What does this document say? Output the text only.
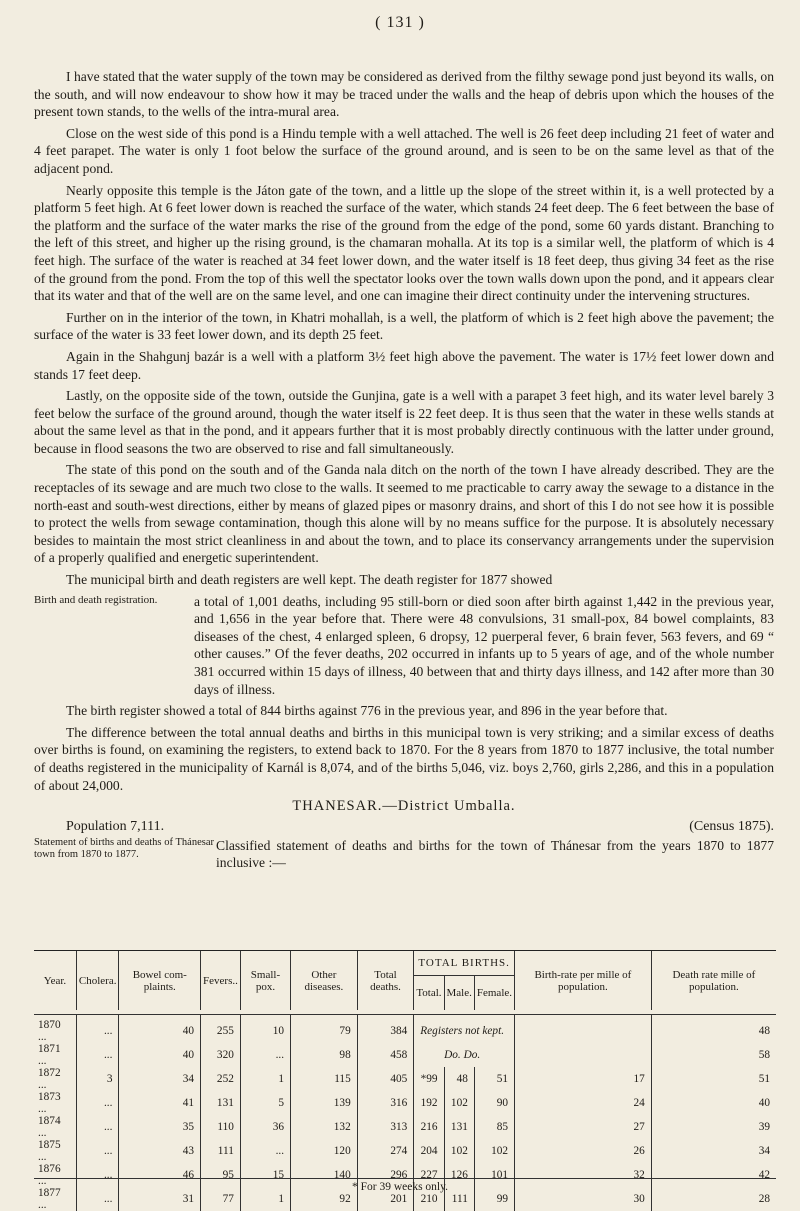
( 131 )

I have stated that the water supply of the town may be considered as derived from the filthy sewage pond just beyond its walls, on the south, and will now endeavour to show how it may be traced under the walls and the heap of debris upon which the houses of the present town stands, to the wells of the intra-mural area.

Close on the west side of this pond is a Hindu temple with a well attached. The well is 26 feet deep including 21 feet of water and 4 feet parapet. The water is only 1 foot below the surface of the ground around, and is seen to be on the same level as that of the adjacent pond.

Nearly opposite this temple is the Játon gate of the town, and a little up the slope of the street within it, is a well protected by a platform 5 feet high. At 6 feet lower down is reached the surface of the water, which stands 24 feet deep. The 6 feet between the base of the platform and the surface of the water marks the rise of the ground from the edge of the pond, some 60 yards distant. Branching to the left of this street, and higher up the rising ground, is the chamaran mohalla. At its top is a similar well, the platform of which is 4 feet high. The surface of the water is reached at 34 feet lower down, and the water itself is 18 feet deep, thus giving 34 feet as the rise of the ground from the pond. From the top of this well the spectator looks over the town walls down upon the pond, and it appears clear that its water and that of the well are on the same level, and one can imagine their direct continuity under the intervening structures.

Further on in the interior of the town, in Khatri mohallah, is a well, the platform of which is 2 feet high above the pavement; the surface of the water is 33 feet lower down, and its depth 25 feet.

Again in the Shahgunj bazár is a well with a platform 3½ feet high above the pavement. The water is 17½ feet lower down and stands 17 feet deep.

Lastly, on the opposite side of the town, outside the Gunjina, gate is a well with a parapet 3 feet high, and its water level barely 3 feet below the surface of the ground around, though the water itself is 22 feet deep. It is thus seen that the water in these wells stands at about the same level as that in the pond, and it appears further that it is most probably directly continuous with the latter under ground, because in flood seasons the two are observed to rise and fall simultaneously.

The state of this pond on the south and of the Ganda nala ditch on the north of the town I have already described. They are the receptacles of its sewage and are much two close to the walls. It seemed to me practicable to carry away the sewage to a distance in the north-east and south-west directions, either by means of glazed pipes or masonry drains, and short of this I do not see how it is possible to protect the wells from sewage contamination, though this alone will by no means suffice for the purpose. It is absolutely necessary besides to maintain the most strict cleanliness in and about the town, and to place its conservancy arrangements under the supervision of a properly qualified and energetic superintendent.

The municipal birth and death registers are well kept. The death register for 1877 showed

Birth and death registration.	a total of 1,001 deaths, including 95 still-born or died soon after birth against 1,442 in the previous year, and 1,656 in the year before that. There were 48 convulsions, 31 small-pox, 84 bowel complaints, 83 diseases of the chest, 4 enlarged spleen, 6 dropsy, 12 puerperal fever, 6 brain fever, 563 fevers, and 69 “ other causes.” Of the fever deaths, 202 occurred in infants up to 5 years of age, and of the whole number 381 occurred within 15 days of illness, 40 between that and thirty days illness, and 142 after more than 30 days of illness.

The birth register showed a total of 844 births against 776 in the previous year, and 896 in the year before that.

The difference between the total annual deaths and births in this municipal town is very striking; and a similar excess of deaths over births is found, on examining the registers, to extend back to 1870. For the 8 years from 1870 to 1877 inclusive, the total number of deaths registered in the municipality of Karnál is 8,074, and of the births 5,046, viz. boys 2,760, girls 2,286, and this in a population of about 24,000.

THANESAR.—District Umballa.
Population 7,111.	(Census 1875).
Statement of births and deaths of Thánesar town from 1870 to 1877.
Classified statement of deaths and births for the town of Thánesar from the years 1870 to 1877 inclusive :—
Year.	Cholera.	Bowel com-plaints.	Fevers..	Small-pox.	Other diseases.	Total deaths.	TOTAL BIRTHS.			Birth-rate per mille of population.	Death rate mille of population.
							Total.	Male.	Female.		

1870 ...	...	40	255	10	79	384	Registers not kept.				48
1871 ...	...	40	320	...	98	458	Do. Do.				58
1872 ...	3	34	252	1	115	405	*99	48	51	17	51
1873 ...	...	41	131	5	139	316	192	102	90	24	40
1874 ...	...	35	110	36	132	313	216	131	85	27	39
1875 ...	...	43	111	...	120	274	204	102	102	26	34
1876 ...	...	46	95	15	140	296	227	126	101	32	42
1877 ...	...	31	77	1	92	201	210	111	99	30	28
* For 39 weeks only.
